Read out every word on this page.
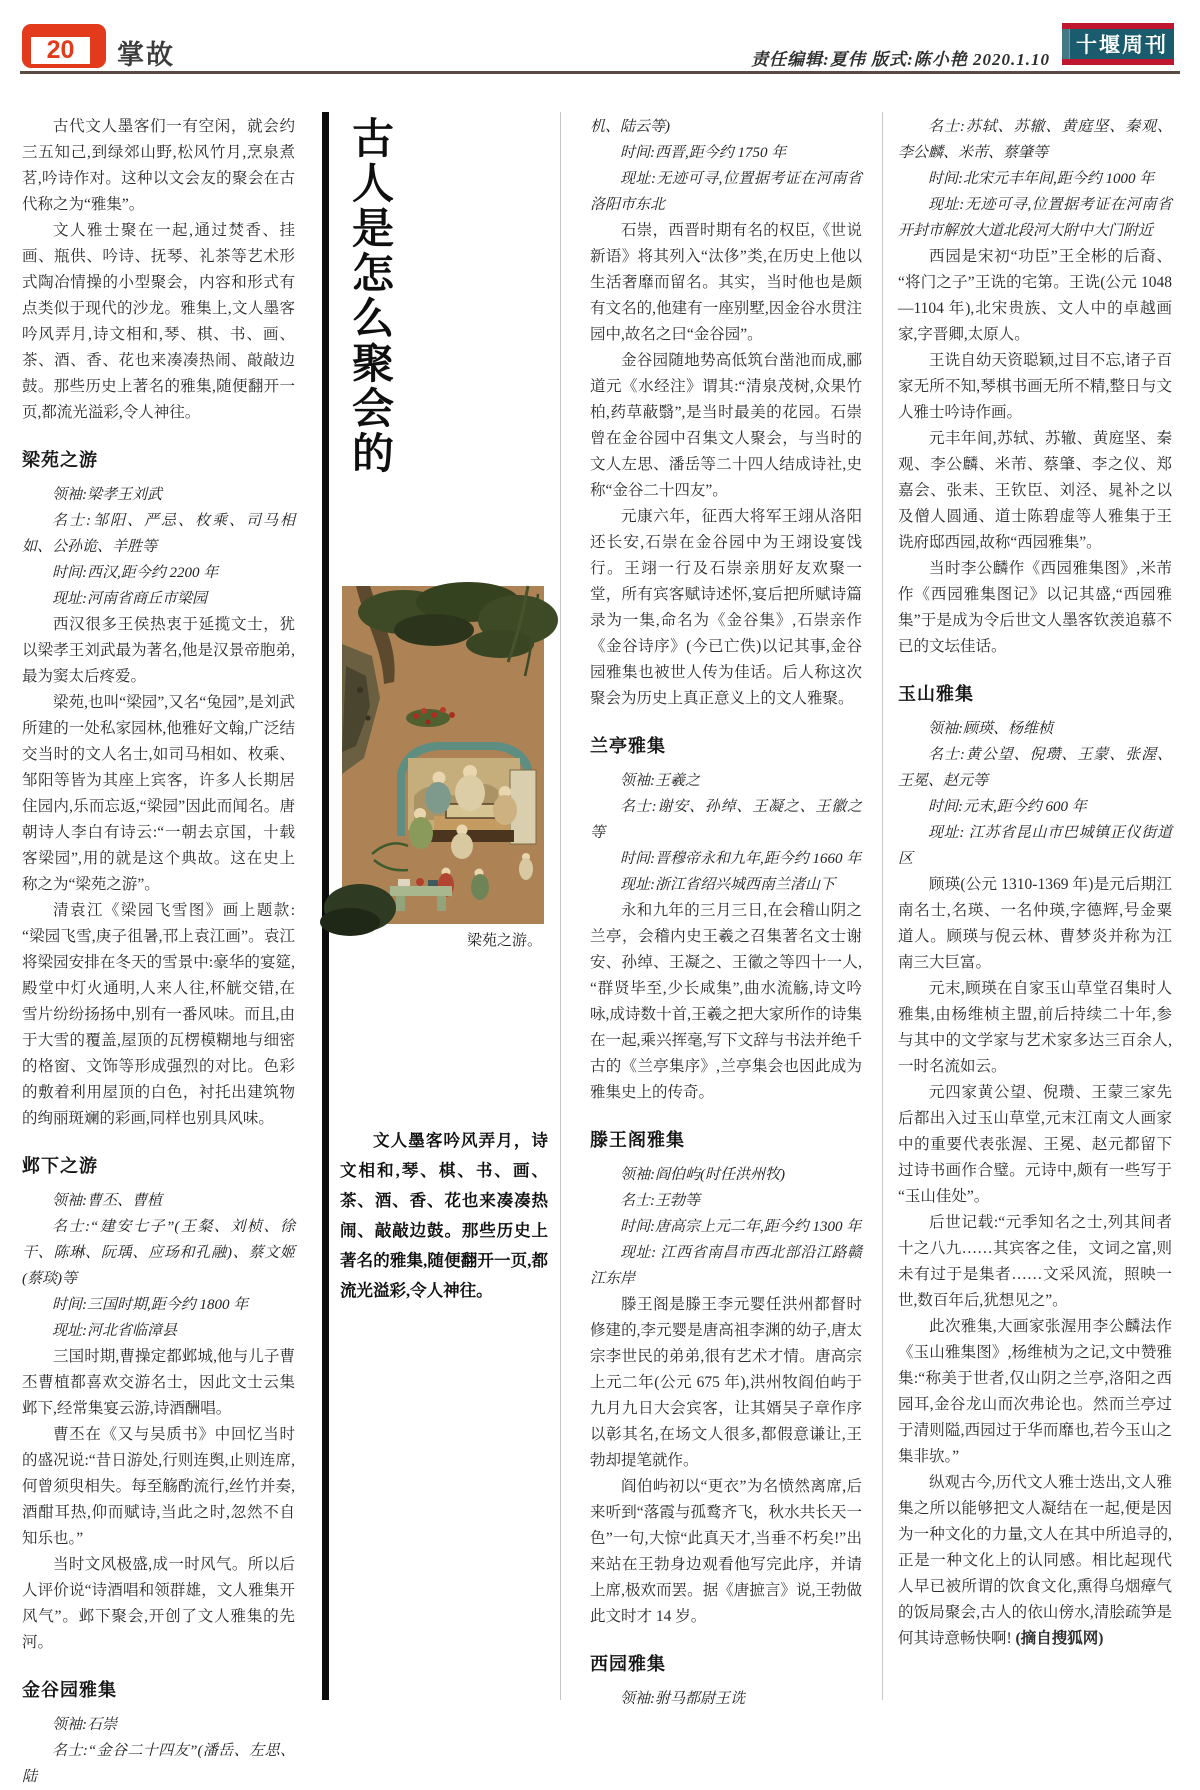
20	掌故	责任编辑:夏伟 版式:陈小艳 2020.1.10

十堰周刊

古代文人墨客们一有空闲，就会约三五知己,到绿郊山野,松风竹月,烹泉煮茗,吟诗作对。这种以文会友的聚会在古代称之为“雅集”。

文人雅士聚在一起,通过焚香、挂画、瓶供、吟诗、抚琴、礼茶等艺术形式陶冶情操的小型聚会，内容和形式有点类似于现代的沙龙。雅集上,文人墨客吟风弄月,诗文相和,琴、棋、书、画、茶、酒、香、花也来凑凑热闹、敲敲边鼓。那些历史上著名的雅集,随便翻开一页,都流光溢彩,令人神往。

梁苑之游

领袖:梁孝王刘武

名士:邹阳、严忌、枚乘、司马相如、公孙诡、羊胜等

时间:西汉,距今约 2200 年

现址:河南省商丘市梁园

西汉很多王侯热衷于延揽文士，犹以梁孝王刘武最为著名,他是汉景帝胞弟,最为窦太后疼爱。

梁苑,也叫“梁园”,又名“兔园”,是刘武所建的一处私家园林,他雅好文翰,广泛结交当时的文人名士,如司马相如、枚乘、邹阳等皆为其座上宾客，许多人长期居住园内,乐而忘返,“梁园”因此而闻名。唐朝诗人李白有诗云:“一朝去京国，十载客梁园”,用的就是这个典故。这在史上称之为“梁苑之游”。

清袁江《梁园飞雪图》画上题款:“梁园飞雪,庚子徂暑,邗上袁江画”。袁江将梁园安排在冬天的雪景中:豪华的宴筵,殿堂中灯火通明,人来人往,杯觥交错,在雪片纷纷扬扬中,别有一番风味。而且,由于大雪的覆盖,屋顶的瓦楞模糊地与细密的格窗、文饰等形成强烈的对比。色彩的敷着利用屋顶的白色，衬托出建筑物的绚丽斑斓的彩画,同样也别具风味。

邺下之游

领袖:曹丕、曹植

名士:“建安七子”(王粲、刘桢、徐干、陈琳、阮瑀、应玚和孔融)、蔡文姬(蔡琰)等

时间:三国时期,距今约 1800 年

现址:河北省临漳县

三国时期,曹操定都邺城,他与儿子曹丕曹植都喜欢交游名士，因此文士云集邺下,经常集宴云游,诗酒酬唱。

曹丕在《又与吴质书》中回忆当时的盛况说:“昔日游处,行则连舆,止则连席,何曾须臾相失。每至觞酌流行,丝竹并奏,酒酣耳热,仰而赋诗,当此之时,忽然不自知乐也。”

当时文风极盛,成一时风气。所以后人评价说“诗酒唱和领群雄，文人雅集开风气”。邺下聚会,开创了文人雅集的先河。

金谷园雅集

领袖:石崇

名士:“金谷二十四友”(潘岳、左思、陆

古人是怎么聚会的
梁苑之游。

文人墨客吟风弄月，诗文相和,琴、棋、书、画、茶、酒、香、花也来凑凑热闹、敲敲边鼓。那些历史上著名的雅集,随便翻开一页,都流光溢彩,令人神往。

机、陆云等)

时间:西晋,距今约 1750 年

现址:无迹可寻,位置据考证在河南省洛阳市东北

石崇，西晋时期有名的权臣,《世说新语》将其列入“汰侈”类,在历史上他以生活奢靡而留名。其实，当时他也是颇有文名的,他建有一座别墅,因金谷水贯注园中,故名之曰“金谷园”。

金谷园随地势高低筑台凿池而成,郦道元《水经注》谓其:“清泉茂树,众果竹柏,药草蔽翳”,是当时最美的花园。石崇曾在金谷园中召集文人聚会，与当时的文人左思、潘岳等二十四人结成诗社,史称“金谷二十四友”。

元康六年，征西大将军王翊从洛阳还长安,石崇在金谷园中为王翊设宴饯行。王翊一行及石崇亲朋好友欢聚一堂，所有宾客赋诗述怀,宴后把所赋诗篇录为一集,命名为《金谷集》,石崇亲作《金谷诗序》(今已亡佚)以记其事,金谷园雅集也被世人传为佳话。后人称这次聚会为历史上真正意义上的文人雅聚。

兰亭雅集

领袖:王羲之

名士:谢安、孙绰、王凝之、王徽之等

时间:晋穆帝永和九年,距今约 1660 年

现址:浙江省绍兴城西南兰渚山下

永和九年的三月三日,在会稽山阴之兰亭，会稽内史王羲之召集著名文士谢安、孙绰、王凝之、王徽之等四十一人,“群贤毕至,少长咸集”,曲水流觞,诗文吟咏,成诗数十首,王羲之把大家所作的诗集在一起,乘兴挥毫,写下文辞与书法并绝千古的《兰亭集序》,兰亭集会也因此成为雅集史上的传奇。

滕王阁雅集

领袖:阎伯屿(时任洪州牧)

名士:王勃等

时间:唐高宗上元二年,距今约 1300 年

现址: 江西省南昌市西北部沿江路赣江东岸

滕王阁是滕王李元婴任洪州都督时修建的,李元婴是唐高祖李渊的幼子,唐太宗李世民的弟弟,很有艺术才情。唐高宗上元二年(公元 675 年),洪州牧阎伯屿于九月九日大会宾客，让其婿吴子章作序以彰其名,在场文人很多,都假意谦让,王勃却提笔就作。

阎伯屿初以“更衣”为名愤然离席,后来听到“落霞与孤鹜齐飞，秋水共长天一色”一句,大惊“此真天才,当垂不朽矣!”出来站在王勃身边观看他写完此序，并请上席,极欢而罢。据《唐摭言》说,王勃做此文时才 14 岁。

西园雅集

领袖:驸马都尉王诜

名士:苏轼、苏辙、黄庭坚、秦观、李公麟、米芾、蔡肇等

时间:北宋元丰年间,距今约 1000 年

现址:无迹可寻,位置据考证在河南省开封市解放大道北段河大附中大门附近

西园是宋初“功臣”王全彬的后裔、“将门之子”王诜的宅第。王诜(公元 1048—1104 年),北宋贵族、文人中的卓越画家,字晋卿,太原人。

王诜自幼天资聪颖,过目不忘,诸子百家无所不知,琴棋书画无所不精,整日与文人雅士吟诗作画。

元丰年间,苏轼、苏辙、黄庭坚、秦观、李公麟、米芾、蔡肇、李之仪、郑嘉会、张耒、王钦臣、刘泾、晁补之以及僧人圆通、道士陈碧虚等人雅集于王诜府邸西园,故称“西园雅集”。

当时李公麟作《西园雅集图》,米芾作《西园雅集图记》以记其盛,“西园雅集”于是成为令后世文人墨客钦羡追慕不已的文坛佳话。

玉山雅集

领袖:顾瑛、杨维桢

名士:黄公望、倪瓒、王蒙、张渥、王冕、赵元等

时间:元末,距今约 600 年

现址: 江苏省昆山市巴城镇正仪街道区

顾瑛(公元 1310-1369 年)是元后期江南名士,名瑛、一名仲瑛,字德辉,号金粟道人。顾瑛与倪云林、曹梦炎并称为江南三大巨富。

元末,顾瑛在自家玉山草堂召集时人雅集,由杨维桢主盟,前后持续二十年,参与其中的文学家与艺术家多达三百余人,一时名流如云。

元四家黄公望、倪瓒、王蒙三家先后都出入过玉山草堂,元末江南文人画家中的重要代表张渥、王冕、赵元都留下过诗书画作合璧。元诗中,颇有一些写于“玉山佳处”。

后世记载:“元季知名之士,列其间者十之八九……其宾客之佳，文词之富,则未有过于是集者……文采风流，照映一世,数百年后,犹想见之”。

此次雅集,大画家张渥用李公麟法作《玉山雅集图》,杨维桢为之记,文中赞雅集:“称美于世者,仅山阴之兰亭,洛阳之西园耳,金谷龙山而次弗论也。然而兰亭过于清则隘,西园过于华而靡也,若今玉山之集非欤。”

纵观古今,历代文人雅士迭出,文人雅集之所以能够把文人凝结在一起,便是因为一种文化的力量,文人在其中所追寻的,正是一种文化上的认同感。相比起现代人早已被所谓的饮食文化,熏得乌烟瘴气的饭局聚会,古人的依山傍水,清脍疏笋是何其诗意畅快啊! (摘自搜狐网)
